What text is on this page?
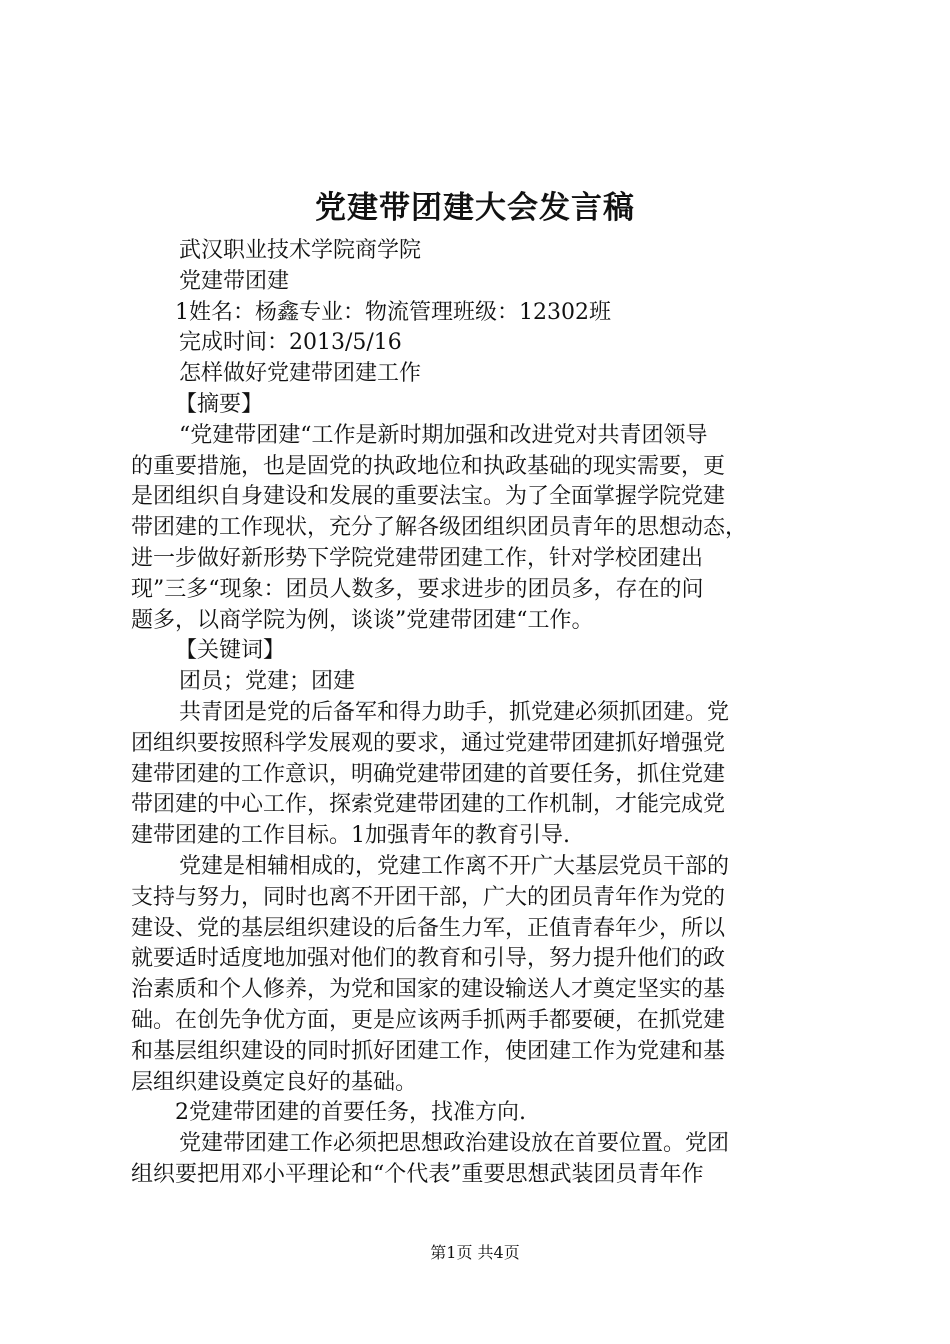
党建带团建大会发言稿
武汉职业技术学院商学院
党建带团建
1姓名：杨鑫专业：物流管理班级：12302班
完成时间：2013/5/16
怎样做好党建带团建工作
【摘要】
“党建带团建“工作是新时期加强和改进党对共青团领导
的重要措施，也是固党的执政地位和执政基础的现实需要，更
是团组织自身建设和发展的重要法宝。为了全面掌握学院党建
带团建的工作现状，充分了解各级团组织团员青年的思想动态，
进一步做好新形势下学院党建带团建工作，针对学校团建出
现”三多“现象：团员人数多，要求进步的团员多，存在的问
题多，以商学院为例，谈谈”党建带团建“工作。
【关键词】
团员；党建；团建
共青团是党的后备军和得力助手，抓党建必须抓团建。党
团组织要按照科学发展观的要求，通过党建带团建抓好增强党
建带团建的工作意识，明确党建带团建的首要任务，抓住党建
带团建的中心工作，探索党建带团建的工作机制，才能完成党
建带团建的工作目标。1加强青年的教育引导.
党建是相辅相成的，党建工作离不开广大基层党员干部的
支持与努力，同时也离不开团干部，广大的团员青年作为党的
建设、党的基层组织建设的后备生力军，正值青春年少，所以
就要适时适度地加强对他们的教育和引导，努力提升他们的政
治素质和个人修养，为党和国家的建设输送人才奠定坚实的基
础。在创先争优方面，更是应该两手抓两手都要硬，在抓党建
和基层组织建设的同时抓好团建工作，使团建工作为党建和基
层组织建设奠定良好的基础。
2党建带团建的首要任务，找准方向.
党建带团建工作必须把思想政治建设放在首要位置。党团
组织要把用邓小平理论和“个代表”重要思想武装团员青年作
第1页 共4页
